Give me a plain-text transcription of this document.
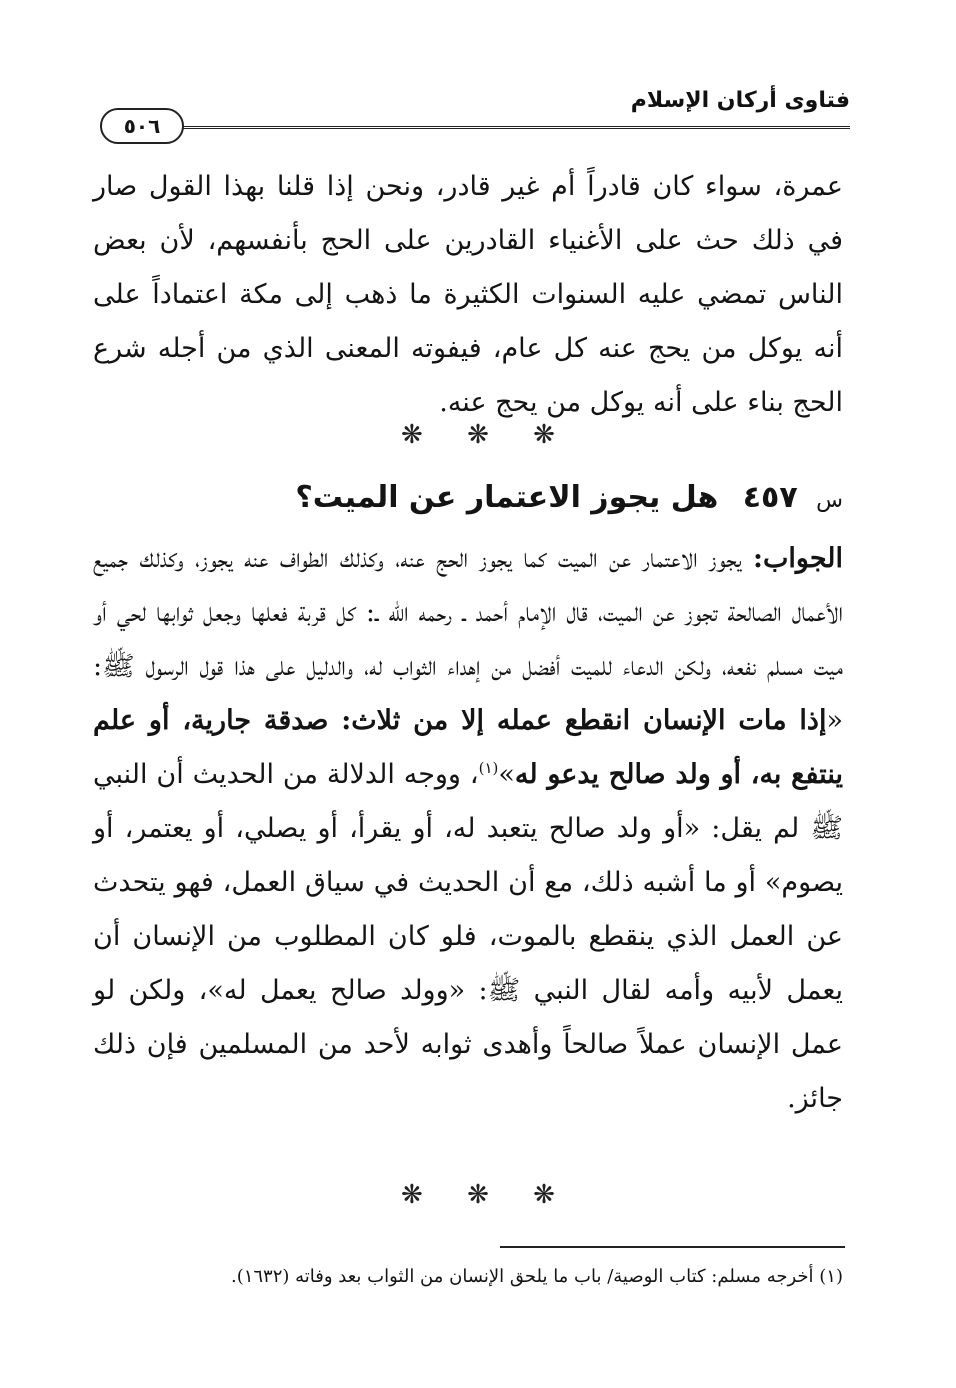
فتاوى أركان الإسلام
٥٠٦

عمرة، سواء كان قادراً أم غير قادر، ونحن إذا قلنا بهذا القول صار في ذلك حث على الأغنياء القادرين على الحج بأنفسهم، لأن بعض الناس تمضي عليه السنوات الكثيرة ما ذهب إلى مكة اعتماداً على أنه يوكل من يحج عنه كل عام، فيفوته المعنى الذي من أجله شرع الحج بناء على أنه يوكل من يحج عنه.

❋ ❋ ❋
س ٤٥٧ هل يجوز الاعتمار عن الميت؟

الجواب: يجوز الاعتمار عن الميت كما يجوز الحج عنه، وكذلك الطواف عنه يجوز، وكذلك جميع الأعمال الصالحة تجوز عن الميت، قال الإمام أحمد ـ رحمه الله ـ: كل قربة فعلها وجعل ثوابها لحي أو ميت مسلم نفعه، ولكن الدعاء للميت أفضل من إهداء الثواب له، والدليل على هذا قول الرسول ﷺ: «إذا مات الإنسان انقطع عمله إلا من ثلاث: صدقة جارية، أو علم ينتفع به، أو ولد صالح يدعو له»$^{(١)}$، ووجه الدلالة من الحديث أن النبي ﷺ لم يقل: «أو ولد صالح يتعبد له، أو يقرأ، أو يصلي، أو يعتمر، أو يصوم» أو ما أشبه ذلك، مع أن الحديث في سياق العمل، فهو يتحدث عن العمل الذي ينقطع بالموت، فلو كان المطلوب من الإنسان أن يعمل لأبيه وأمه لقال النبي ﷺ: «وولد صالح يعمل له»، ولكن لو عمل الإنسان عملاً صالحاً وأهدى ثوابه لأحد من المسلمين فإن ذلك جائز.

❋ ❋ ❋
(١) أخرجه مسلم: كتاب الوصية/ باب ما يلحق الإنسان من الثواب بعد وفاته (١٦٣٢).
